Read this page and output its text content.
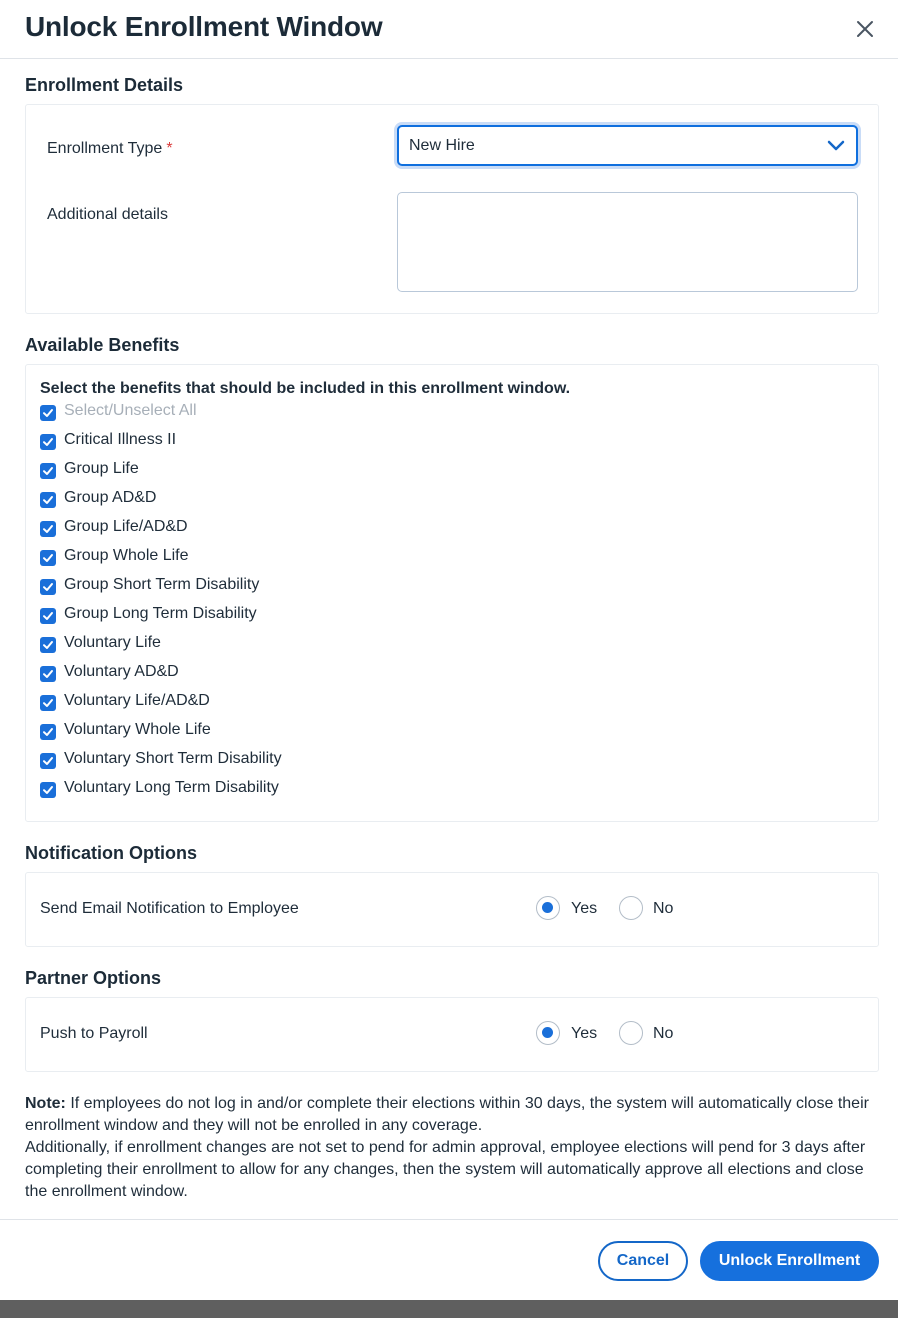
Unlock Enrollment Window
Enrollment Details
Enrollment Type *	New Hire
Additional details
Available Benefits
Select the benefits that should be included in this enrollment window.
Select/Unselect All
Critical Illness II
Group Life
Group AD&D
Group Life/AD&D
Group Whole Life
Group Short Term Disability
Group Long Term Disability
Voluntary Life
Voluntary AD&D
Voluntary Life/AD&D
Voluntary Whole Life
Voluntary Short Term Disability
Voluntary Long Term Disability
Notification Options
Send Email Notification to Employee	Yes	No
Partner Options
Push to Payroll	Yes	No
Note: If employees do not log in and/or complete their elections within 30 days, the system will automatically close their enrollment window and they will not be enrolled in any coverage.
Additionally, if enrollment changes are not set to pend for admin approval, employee elections will pend for 3 days after completing their enrollment to allow for any changes, then the system will automatically approve all elections and close the enrollment window.
Cancel	Unlock Enrollment
